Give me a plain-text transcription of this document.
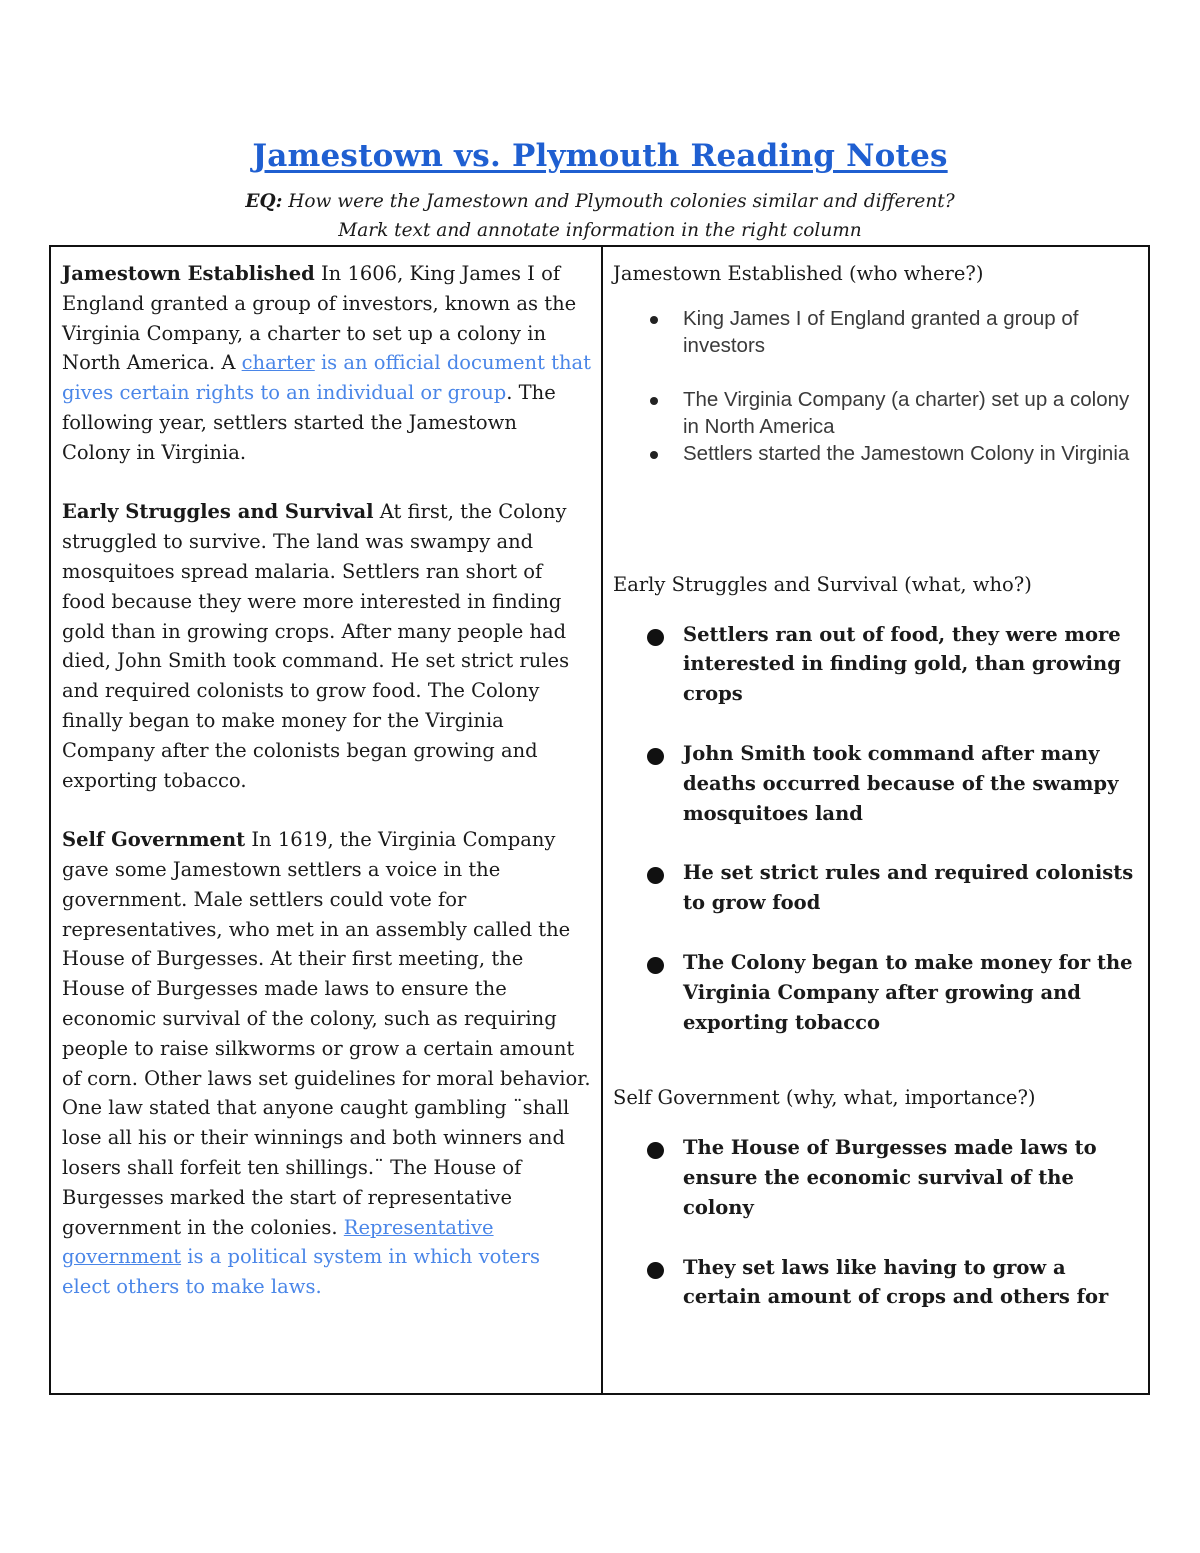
Jamestown vs. Plymouth Reading Notes
EQ: How were the Jamestown and Plymouth colonies similar and different?
Mark text and annotate information in the right column

Jamestown Established In 1606, King James I of England granted a group of investors, known as the Virginia Company, a charter to set up a colony in North America. A charter is an official document that gives certain rights to an individual or group. The following year, settlers started the Jamestown Colony in Virginia.

Early Struggles and Survival At first, the Colony struggled to survive. The land was swampy and mosquitoes spread malaria. Settlers ran short of food because they were more interested in finding gold than in growing crops. After many people had died, John Smith took command. He set strict rules and required colonists to grow food. The Colony finally began to make money for the Virginia Company after the colonists began growing and exporting tobacco.

Self Government In 1619, the Virginia Company gave some Jamestown settlers a voice in the government. Male settlers could vote for representatives, who met in an assembly called the House of Burgesses. At their first meeting, the House of Burgesses made laws to ensure the economic survival of the colony, such as requiring people to raise silkworms or grow a certain amount of corn. Other laws set guidelines for moral behavior. One law stated that anyone caught gambling ¨shall lose all his or their winnings and both winners and losers shall forfeit ten shillings.¨ The House of Burgesses marked the start of representative government in the colonies. Representative government is a political system in which voters elect others to make laws.

Jamestown Established (who where?)
King James I of England granted a group of investors
The Virginia Company (a charter) set up a colony in North America
Settlers started the Jamestown Colony in Virginia
Early Struggles and Survival (what, who?)
Settlers ran out of food, they were more interested in finding gold, than growing crops
John Smith took command after many deaths occurred because of the swampy mosquitoes land
He set strict rules and required colonists to grow food
The Colony began to make money for the Virginia Company after growing and exporting tobacco
Self Government (why, what, importance?)
The House of Burgesses made laws to ensure the economic survival of the colony
They set laws like having to grow a certain amount of crops and others for
